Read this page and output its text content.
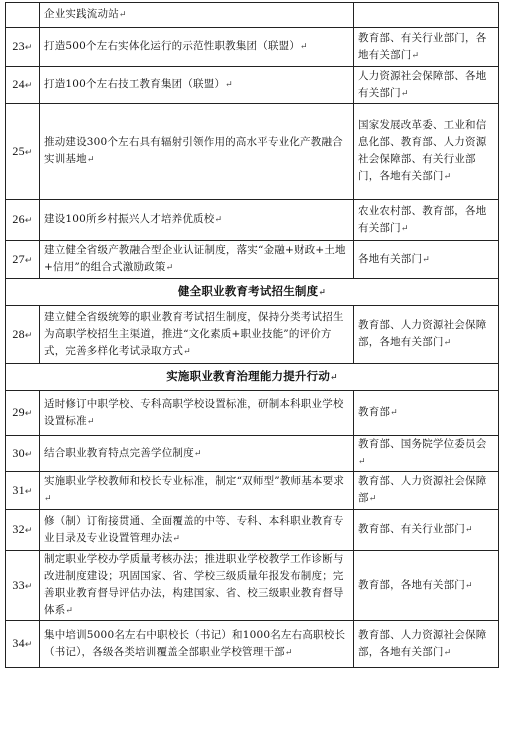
	企业实践流动站↵	
23↵	打造500个左右实体化运行的示范性职教集团（联盟）↵	教育部、有关行业部门，各地有关部门↵
24↵	打造100个左右技工教育集团（联盟）↵	人力资源社会保障部、各地有关部门↵
25↵	推动建设300个左右具有辐射引领作用的高水平专业化产教融合实训基地↵	国家发展改革委、工业和信息化部、教育部、人力资源社会保障部、有关行业部门，各地有关部门↵
26↵	建设100所乡村振兴人才培养优质校↵	农业农村部、教育部，各地有关部门↵
27↵	建立健全省级产教融合型企业认证制度，落实“金融+财政+土地+信用”的组合式激励政策↵	各地有关部门↵
健全职业教育考试招生制度↵		
28↵	建立健全省级统筹的职业教育考试招生制度，保持分类考试招生为高职学校招生主渠道，推进“文化素质+职业技能”的评价方式，完善多样化考试录取方式↵	教育部、人力资源社会保障部，各地有关部门↵
实施职业教育治理能力提升行动↵		
29↵	适时修订中职学校、专科高职学校设置标准，研制本科职业学校设置标准↵	教育部↵
30↵	结合职业教育特点完善学位制度↵	教育部、国务院学位委员会↵
31↵	实施职业学校教师和校长专业标准，制定“双师型”教师基本要求↵	教育部、人力资源社会保障部↵
32↵	修（制）订衔接贯通、全面覆盖的中等、专科、本科职业教育专业目录及专业设置管理办法↵	教育部、有关行业部门↵
33↵	制定职业学校办学质量考核办法；推进职业学校教学工作诊断与改进制度建设；巩固国家、省、学校三级质量年报发布制度；完善职业教育督导评估办法，构建国家、省、校三级职业教育督导体系↵	教育部，各地有关部门↵
34↵	集中培训5000名左右中职校长（书记）和1000名左右高职校长（书记），各级各类培训覆盖全部职业学校管理干部↵	教育部、人力资源社会保障部，各地有关部门↵
